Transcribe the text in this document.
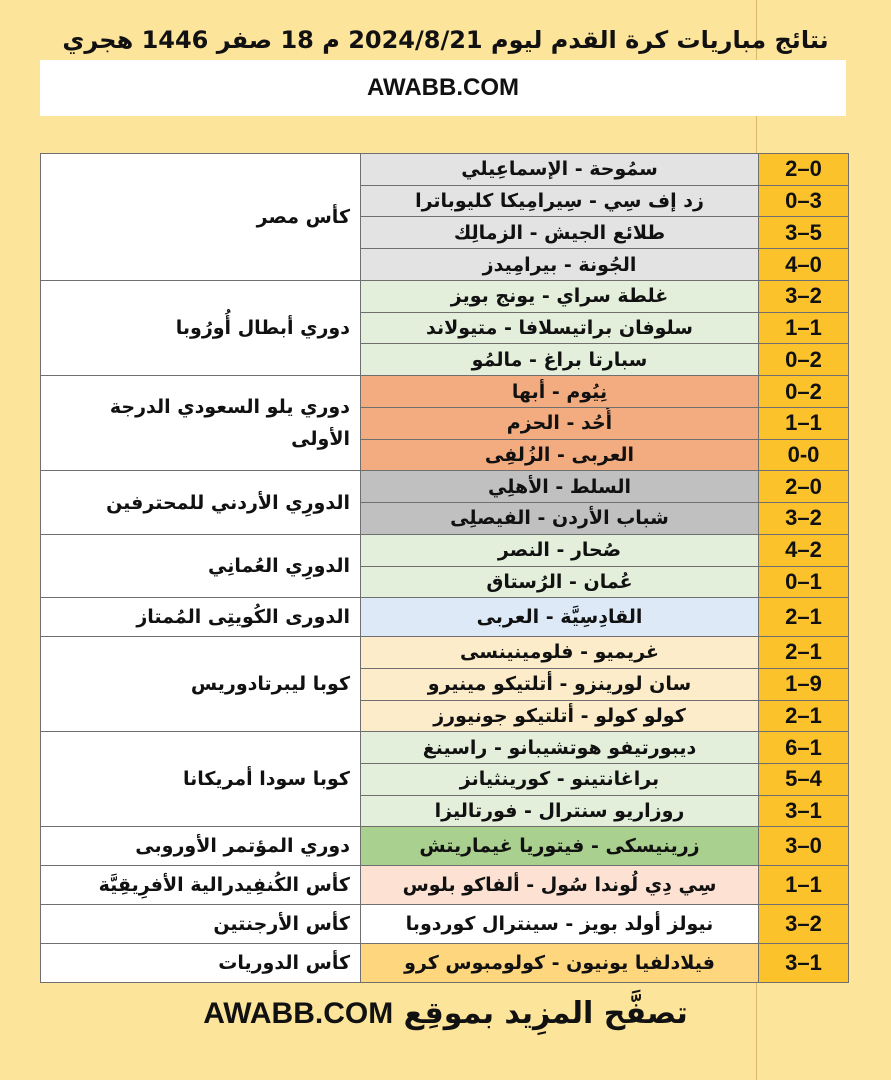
نتائج مباريات كرة القدم ليوم 2024/8/21 م 18 صفر 1446 هجري
AWABB.COM
كأس مصر	سمُوحة - الإسماعِيلي	2–0
	زد إف سِي - سِيرامِيكا كليوباترا	0–3
	طلائع الجيش - الزمالِك	3–5
	الجُونة - بيرامِيدز	4–0
دوري أبطال أُورُوبا	غلطة سراي - يونج بويز	3–2
	سلوفان براتيسلافا - متيولاند	1–1
	سبارتا براغ - مالمُو	0–2
دوري يلو السعودي الدرجة الأولى	نِيُوم - أبها	0–2
	أُحُد - الحزم	1–1
	العربى - الزُلفِى	0-0
الدورِي الأردني للمحترفين	السلط - الأهلِي	2–0
	شباب الأردن - الفيصلِى	3–2
الدورِي العُمانِي	صُحار - النصر	4–2
	عُمان - الرُستاق	0–1
الدورى الكُويتِى المُمتاز	القادِسِيَّة - العربى	2–1
كوبا ليبرتادوريس	غريميو - فلومينينسى	2–1
	سان لورينزو - أتلتيكو مينيرو	1–9
	كولو كولو - أتلتيكو جونيورز	2–1
كوبا سودا أمريكانا	ديبورتيفو هوتشيبانو - راسينغ	6–1
	براغانتينو - كورينثيانز	5–4
	روزاريو سنترال - فورتاليزا	3–1
دوري المؤتمر الأوروبى	زرينيسكى - فيتوريا غيماريتش	3–0
كأس الكُنفِيدرالية الأفرِيقِيَّة	سِي دِي لُوندا سُول - ألفاكو بلوس	1–1
كأس الأرجنتين	نيولز أولد بويز - سينترال كوردوبا	3–2
كأس الدوريات	فيلادلفيا يونيون - كولومبوس كرو	3–1
تصفَّح المزِيد بموقِع AWABB.COM
